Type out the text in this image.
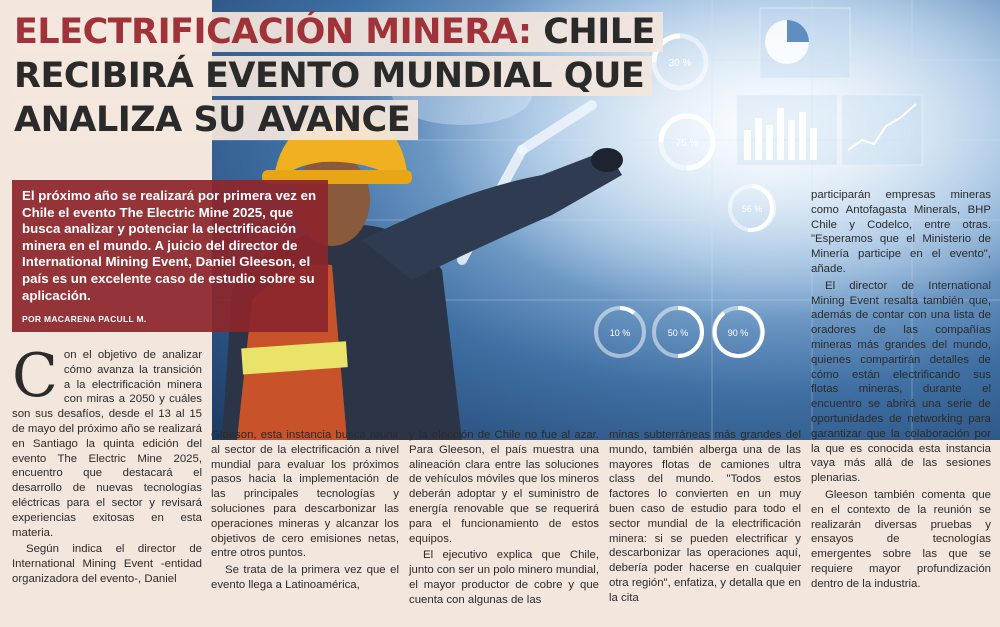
30 %
75 %
56 %
10 %	50 %	90 %
ELECTRIFICACIÓN MINERA: CHILE
RECIBIRÁ EVENTO MUNDIAL QUE
ANALIZA SU AVANCE

El próximo año se realizará por primera vez en Chile el evento The Electric Mine 2025, que busca analizar y potenciar la electrificación minera en el mundo. A juicio del director de International Mining Event, Daniel Gleeson, el país es un excelente caso de estudio sobre su aplicación.

POR MACARENA PACULL M.
C on el objetivo de analizar cómo avanza la transición a la electrificación minera con miras a 2050 y cuáles son sus desafíos, desde el 13 al 15 de mayo del próximo año se realizará en Santiago la quinta edición del evento The Electric Mine 2025, encuentro que destacará el desarrollo de nuevas tecnologías eléctricas para el sector y revisará experiencias exitosas en esta materia.

Según indica el director de International Mining Event -entidad organizadora del evento-, Daniel

Gleeson, esta instancia busca reunir al sector de la electrificación a nivel mundial para evaluar los próximos pasos hacia la implementación de las principales tecnologías y soluciones para descarbonizar las operaciones mineras y alcanzar los objetivos de cero emisiones netas, entre otros puntos.

Se trata de la primera vez que el evento llega a Latinoamérica,

y la elección de Chile no fue al azar. Para Gleeson, el país muestra una alineación clara entre las soluciones de vehículos móviles que los mineros deberán adoptar y el suministro de energía renovable que se requerirá para el funcionamiento de estos equipos.

El ejecutivo explica que Chile, junto con ser un polo minero mundial, el mayor productor de cobre y que cuenta con algunas de las

minas subterráneas más grandes del mundo, también alberga una de las mayores flotas de camiones ultra class del mundo. "Todos estos factores lo convierten en un muy buen caso de estudio para todo el sector mundial de la electrificación minera: si se pueden electrificar y descarbonizar las operaciones aquí, debería poder hacerse en cualquier otra región", enfatiza, y detalla que en la cita

participarán empresas mineras como Antofagasta Minerals, BHP Chile y Codelco, entre otras. "Esperamos que el Ministerio de Minería participe en el evento", añade.

El director de International Mining Event resalta también que, además de contar con una lista de oradores de las compañías mineras más grandes del mundo, quienes compartirán detalles de cómo están electrificando sus flotas mineras, durante el encuentro se abrirá una serie de oportunidades de networking para garantizar que la colaboración por la que es conocida esta instancia vaya más allá de las sesiones plenarias.

Gleeson también comenta que en el contexto de la reunión se realizarán diversas pruebas y ensayos de tecnologías emergentes sobre las que se requiere mayor profundización dentro de la industria.
